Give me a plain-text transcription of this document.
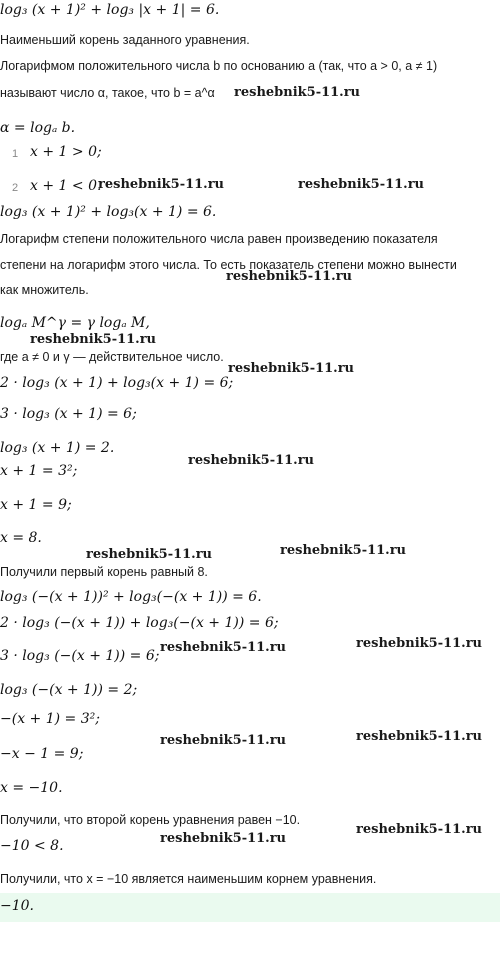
log₃ (x + 1)² + log₃ |x + 1| = 6.
Наименьший корень заданного уравнения.
Логарифмом положительного числа b по основанию a (так, что a > 0, a ≠ 1)
называют число α, такое, что b = a^α reshebnik5-11.ru
α = logₐ b.
1 x + 1 > 0;
2 x + 1 < 0.
reshebnik5-11.ru	reshebnik5-11.ru
log₃ (x + 1)² + log₃(x + 1) = 6.
Логарифм степени положительного числа равен произведению показателя
степени на логарифм этого числа. То есть показатель степени можно вынести
reshebnik5-11.ru
как множитель.
logₐ M^γ = γ logₐ M,
reshebnik5-11.ru
где a ≠ 0 и γ — действительное число.
reshebnik5-11.ru
2 · log₃ (x + 1) + log₃(x + 1) = 6;
3 · log₃ (x + 1) = 6;
log₃ (x + 1) = 2.
x + 1 = 3²;
reshebnik5-11.ru
x + 1 = 9;
x = 8.
reshebnik5-11.ru	reshebnik5-11.ru
Получили первый корень равный 8.
log₃ (−(x + 1))² + log₃(−(x + 1)) = 6.
2 · log₃ (−(x + 1)) + log₃(−(x + 1)) = 6;
3 · log₃ (−(x + 1)) = 6;
reshebnik5-11.ru	reshebnik5-11.ru
log₃ (−(x + 1)) = 2;
−(x + 1) = 3²;
−x − 1 = 9;
reshebnik5-11.ru	reshebnik5-11.ru
x = −10.
Получили, что второй корень уравнения равен −10.
reshebnik5-11.ru
−10 < 8.	reshebnik5-11.ru
Получили, что x = −10 является наименьшим корнем уравнения.
−10.
